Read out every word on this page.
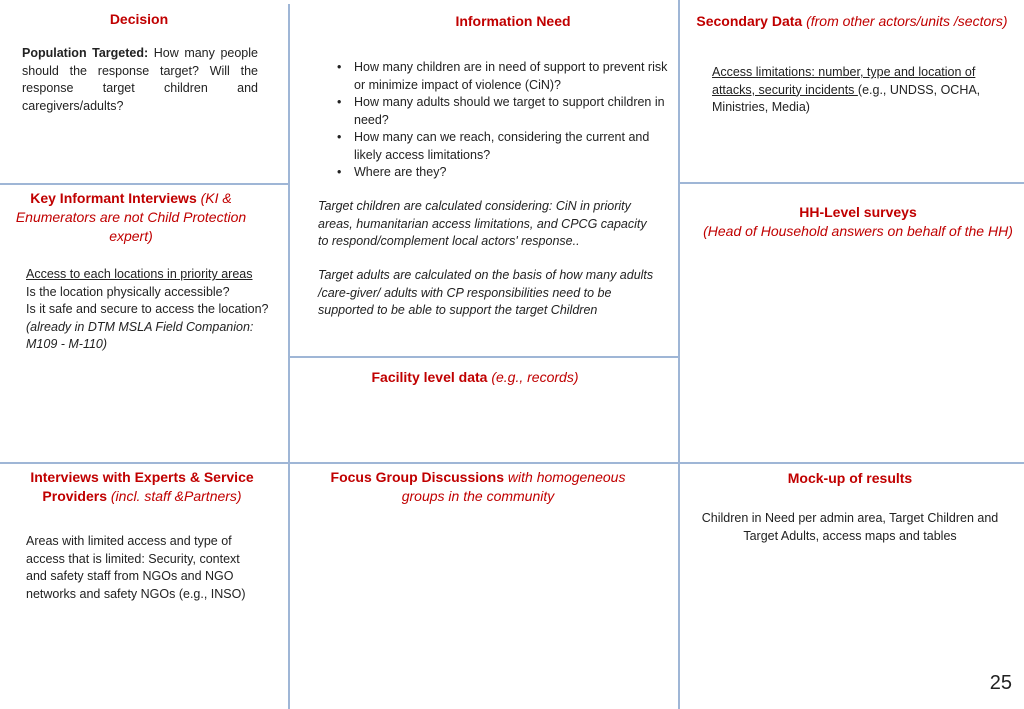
Decision
Population Targeted: How many people should the response target? Will the response target children and caregivers/adults?
Information Need
• How many children are in need of support to prevent risk or minimize impact of violence (CiN)?
• How many adults should we target to support children in need?
• How many can we reach, considering the current and likely access limitations?
• Where are they?
Target children are calculated considering: CiN in priority areas, humanitarian access limitations, and CPCG capacity to respond/complement local actors' response..
Target adults are calculated on the basis of how many adults /care-giver/ adults with CP responsibilities need to be supported to be able to support the target Children
Secondary Data (from other actors/units /sectors)
Access limitations: number, type and location of attacks, security incidents (e.g., UNDSS, OCHA, Ministries, Media)
Key Informant Interviews (KI & Enumerators are not Child Protection expert)
Access to each locations in priority areas
Is the location physically accessible?
Is it safe and secure to access the location? (already in DTM MSLA Field Companion: M109 - M-110)
HH-Level surveys
(Head of Household answers on behalf of the HH)
Facility level data (e.g., records)
Interviews with Experts & Service Providers (incl. staff &Partners)
Areas with limited access and type of access that is limited: Security, context and safety staff from NGOs and NGO networks and safety NGOs (e.g., INSO)
Focus Group Discussions with homogeneous groups in the community
Mock-up of results
Children in Need per admin area, Target Children and Target Adults, access maps and tables
25
